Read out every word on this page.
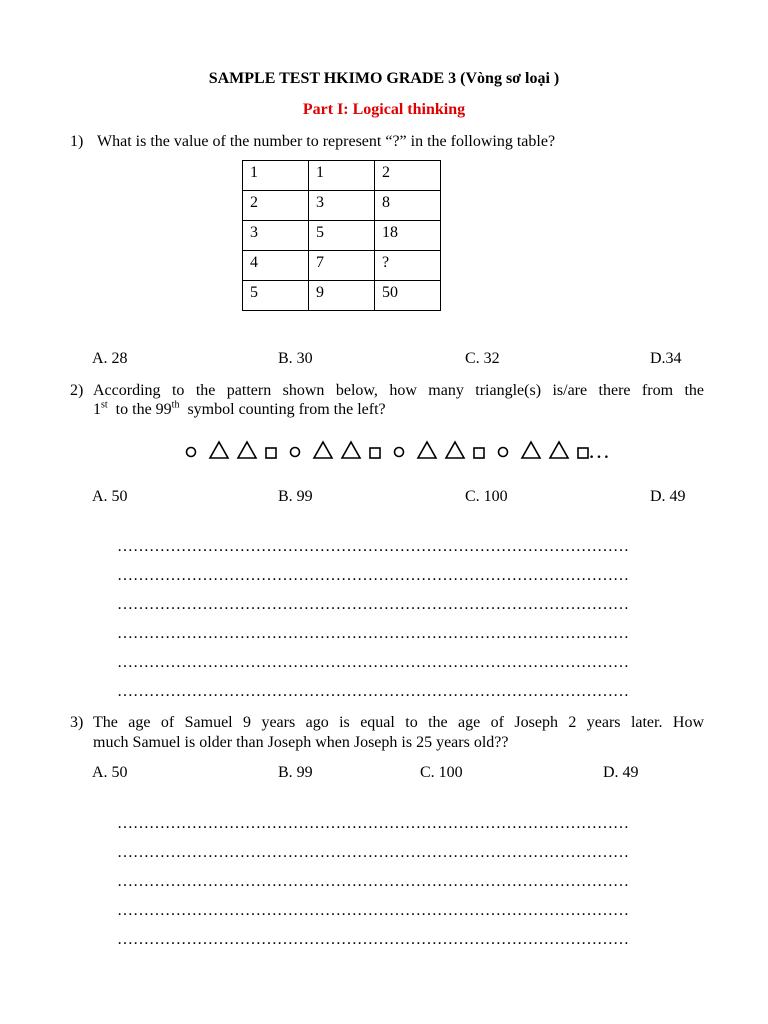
SAMPLE TEST HKIMO GRADE 3 (Vòng sơ loại )
Part I: Logical thinking
1) What is the value of the number to represent “?” in the following table?
1	1	2
2	3	8
3	5	18
4	7	?
5	9	50
A. 28	B. 30	C. 32	D.34
2) According to the pattern shown below, how many triangle(s) is/are there from the
1st to the 99th symbol counting from the left?
…
A. 50	B. 99	C. 100	D. 49
……………………………………………………………………………………
……………………………………………………………………………………
……………………………………………………………………………………
……………………………………………………………………………………
……………………………………………………………………………………
……………………………………………………………………………………
3) The age of Samuel 9 years ago is equal to the age of Joseph 2 years later. How
much Samuel is older than Joseph when Joseph is 25 years old??
A. 50	B. 99	C. 100	D. 49
……………………………………………………………………………………
……………………………………………………………………………………
……………………………………………………………………………………
……………………………………………………………………………………
……………………………………………………………………………………
